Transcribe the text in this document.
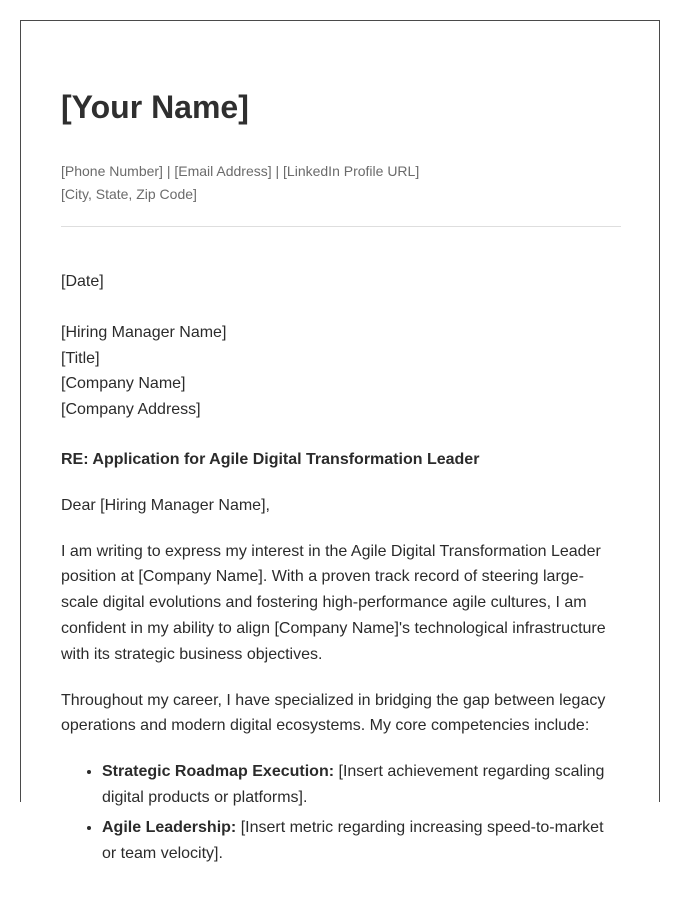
[Your Name]
[Phone Number] | [Email Address] | [LinkedIn Profile URL]
[City, State, Zip Code]
[Date]
[Hiring Manager Name]
[Title]
[Company Name]
[Company Address]
RE: Application for Agile Digital Transformation Leader
Dear [Hiring Manager Name],
I am writing to express my interest in the Agile Digital Transformation Leader position at [Company Name]. With a proven track record of steering large-scale digital evolutions and fostering high-performance agile cultures, I am confident in my ability to align [Company Name]'s technological infrastructure with its strategic business objectives.
Throughout my career, I have specialized in bridging the gap between legacy operations and modern digital ecosystems. My core competencies include:
• Strategic Roadmap Execution: [Insert achievement regarding scaling digital products or platforms].
• Agile Leadership: [Insert metric regarding increasing speed-to-market or team velocity].
